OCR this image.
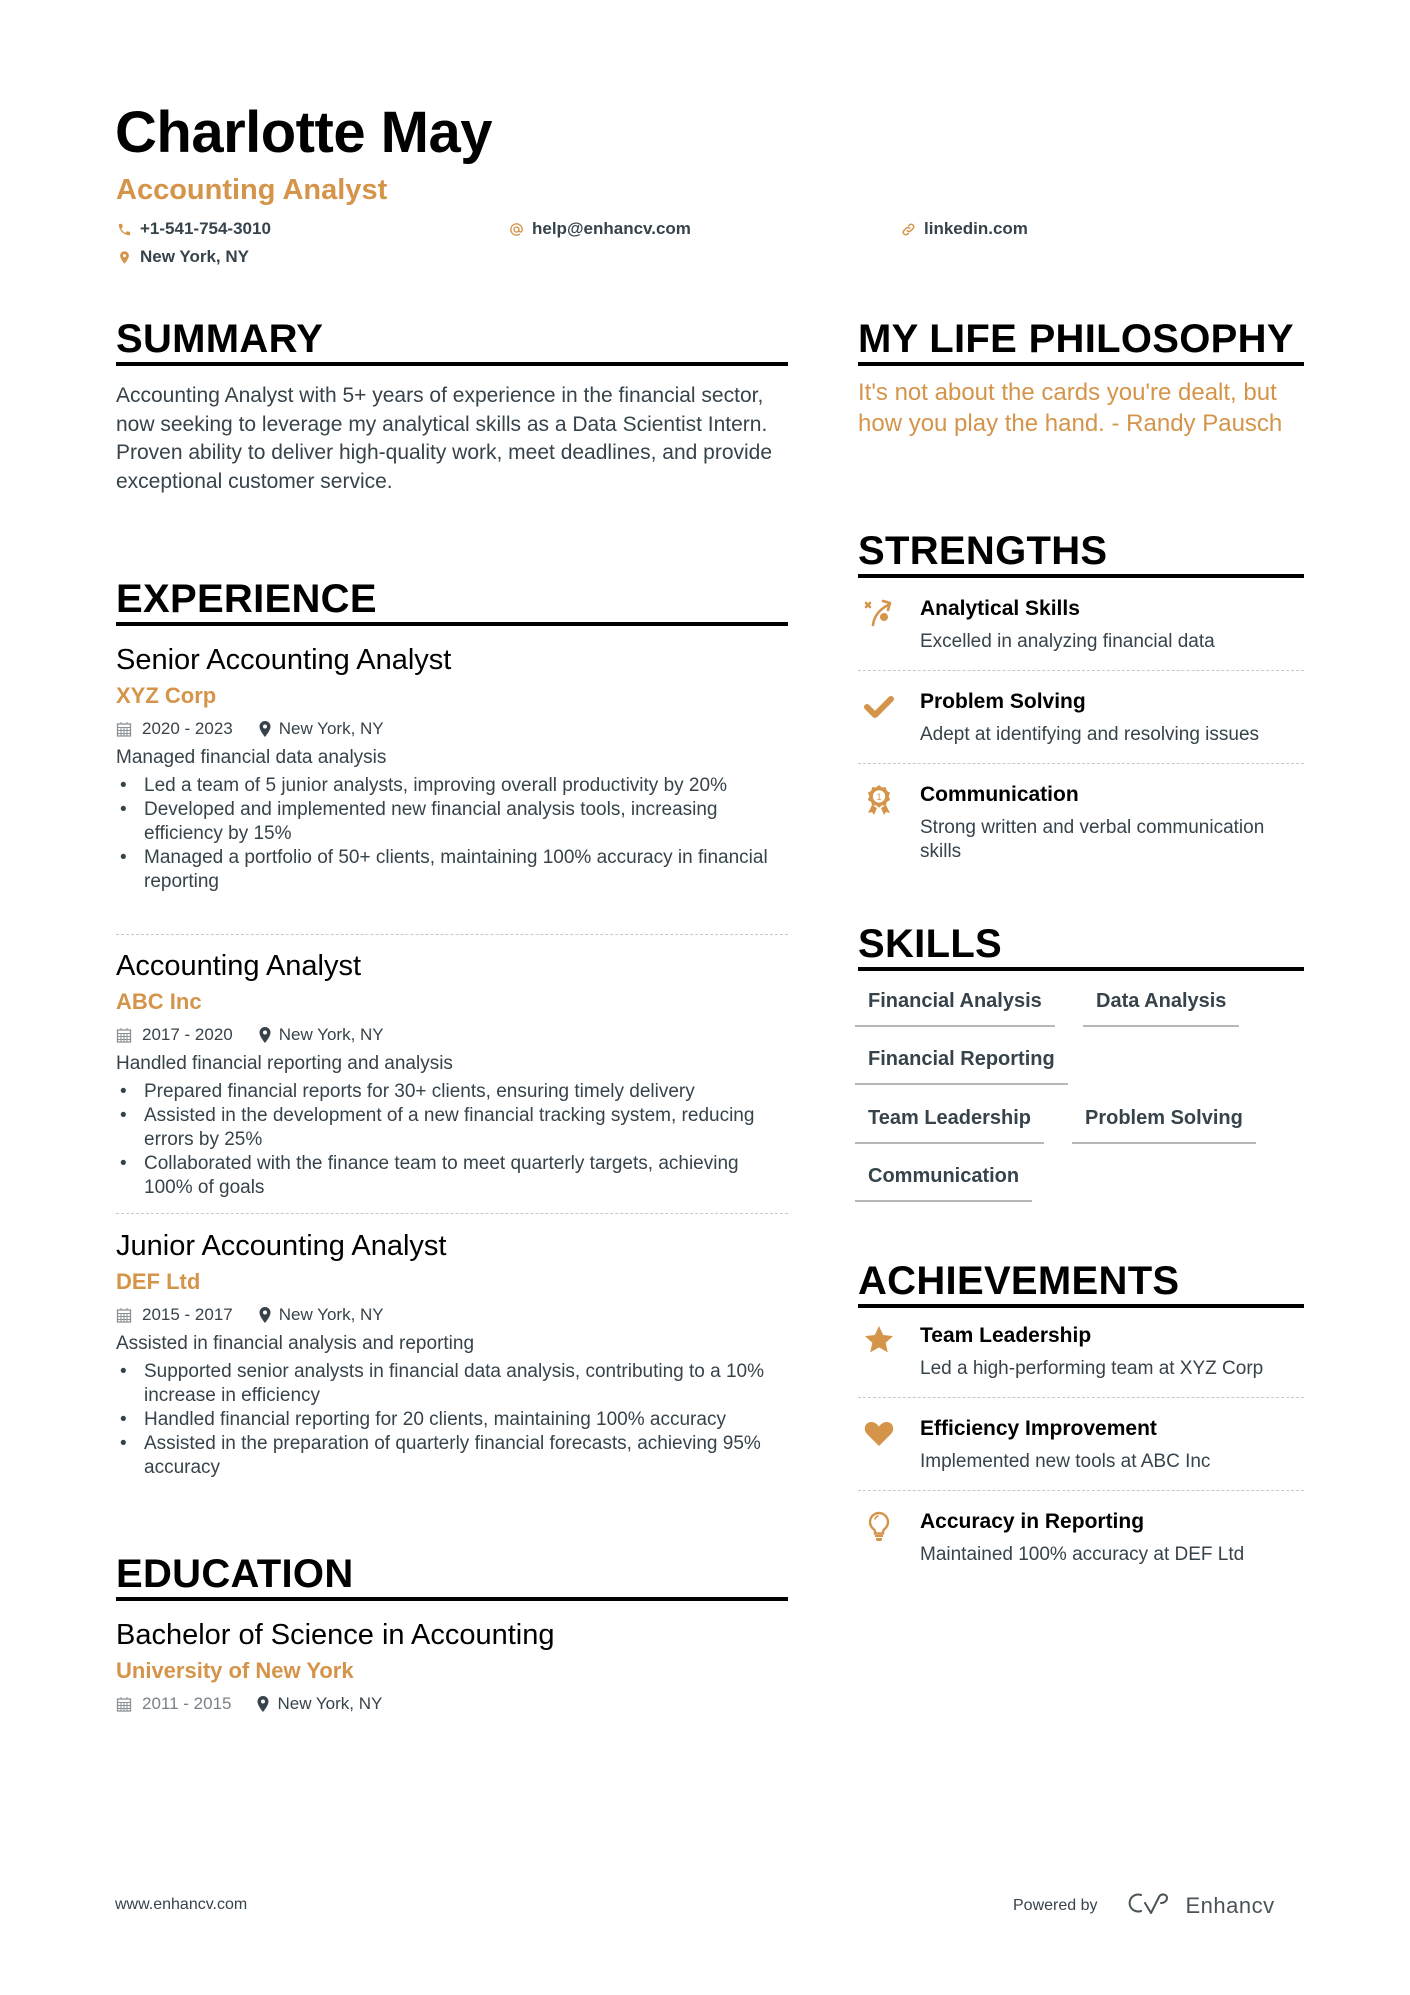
Charlotte May
Accounting Analyst
+1-541-754-3010	help@enhancv.com	linkedin.com
New York, NY
SUMMARY
Accounting Analyst with 5+ years of experience in the financial sector, now seeking to leverage my analytical skills as a Data Scientist Intern. Proven ability to deliver high-quality work, meet deadlines, and provide exceptional customer service.
EXPERIENCE
Senior Accounting Analyst
XYZ Corp
2020 - 2023	New York, NY
Managed financial data analysis
• Led a team of 5 junior analysts, improving overall productivity by 20%
• Developed and implemented new financial analysis tools, increasing efficiency by 15%
• Managed a portfolio of 50+ clients, maintaining 100% accuracy in financial reporting
Accounting Analyst
ABC Inc
2017 - 2020	New York, NY
Handled financial reporting and analysis
• Prepared financial reports for 30+ clients, ensuring timely delivery
• Assisted in the development of a new financial tracking system, reducing errors by 25%
• Collaborated with the finance team to meet quarterly targets, achieving 100% of goals
Junior Accounting Analyst
DEF Ltd
2015 - 2017	New York, NY
Assisted in financial analysis and reporting
• Supported senior analysts in financial data analysis, contributing to a 10% increase in efficiency
• Handled financial reporting for 20 clients, maintaining 100% accuracy
• Assisted in the preparation of quarterly financial forecasts, achieving 95% accuracy
EDUCATION
Bachelor of Science in Accounting
University of New York
2011 - 2015	New York, NY
MY LIFE PHILOSOPHY
It's not about the cards you're dealt, but how you play the hand. - Randy Pausch
STRENGTHS
Analytical Skills
Excelled in analyzing financial data
Problem Solving
Adept at identifying and resolving issues
1 Communication
Strong written and verbal communication skills
SKILLS
Financial Analysis	Data Analysis
Financial Reporting
Team Leadership	Problem Solving
Communication
ACHIEVEMENTS
Team Leadership
Led a high-performing team at XYZ Corp
Efficiency Improvement
Implemented new tools at ABC Inc
Accuracy in Reporting
Maintained 100% accuracy at DEF Ltd
www.enhancv.com	Powered by	Enhancv
